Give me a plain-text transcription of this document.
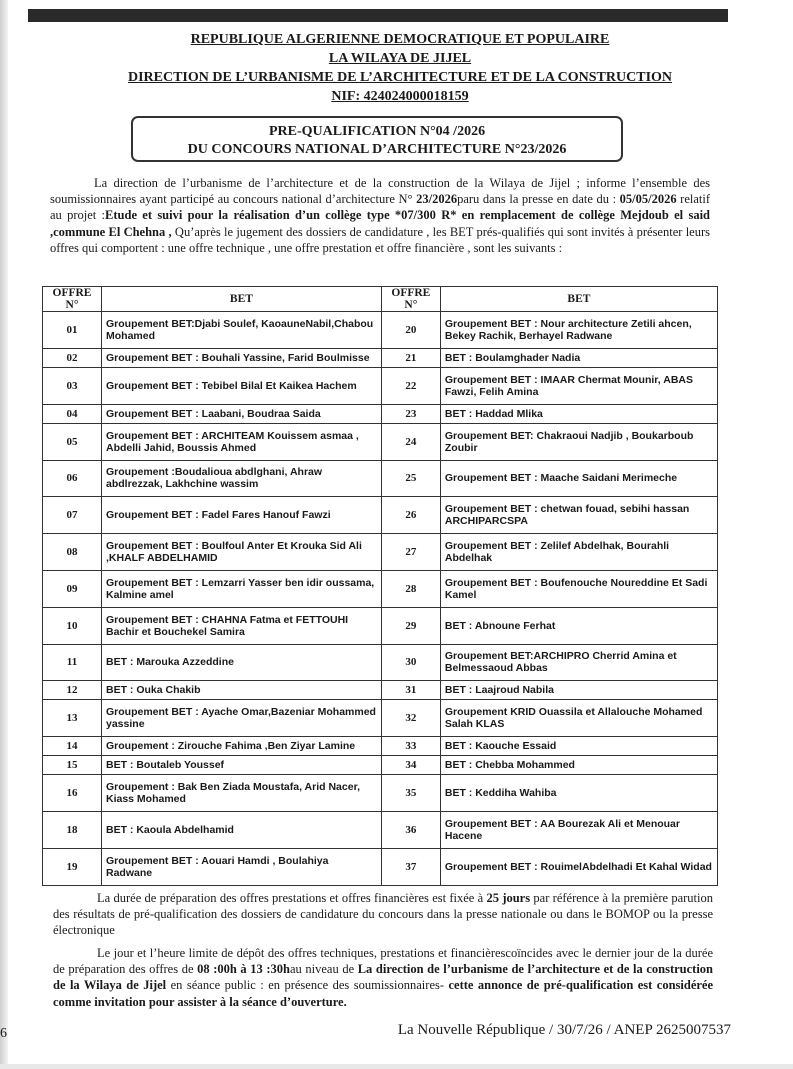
REPUBLIQUE ALGERIENNE DEMOCRATIQUE ET POPULAIRE
LA WILAYA DE JIJEL
DIRECTION DE L’URBANISME DE L’ARCHITECTURE ET DE LA CONSTRUCTION
NIF: 424024000018159
PRE-QUALIFICATION N°04 /2026
DU CONCOURS NATIONAL D’ARCHITECTURE N°23/2026
La direction de l’urbanisme de l’architecture et de la construction de la Wilaya de Jijel ; informe l’ensemble des soumissionnaires ayant participé au concours national d’architecture N° 23/2026paru dans la presse en date du : 05/05/2026 relatif au projet :Etude et suivi pour la réalisation d’un collège type *07/300 R* en remplacement de collège Mejdoub el said ,commune El Chehna , Qu’après le jugement des dossiers de candidature , les BET prés-qualifiés qui sont invités à présenter leurs offres qui comportent : une offre technique , une offre prestation et offre financière , sont les suivants :
OFFRE N°	BET	OFFRE N°	BET
01	Groupement BET:Djabi Soulef, KaoauneNabil,Chabou Mohamed	20	Groupement BET : Nour architecture Zetili ahcen, Bekey Rachik, Berhayel Radwane
02	Groupement BET : Bouhali Yassine, Farid Boulmisse	21	BET : Boulamghader Nadia
03	Groupement BET : Tebibel Bilal Et Kaikea Hachem	22	Groupement BET : IMAAR Chermat Mounir, ABAS Fawzi, Felih Amina
04	Groupement BET : Laabani, Boudraa Saida	23	BET : Haddad Mlika
05	Groupement BET : ARCHITEAM Kouissem asmaa , Abdelli Jahid, Boussis Ahmed	24	Groupement BET: Chakraoui Nadjib , Boukarboub Zoubir
06	Groupement :Boudalioua abdlghani, Ahraw abdlrezzak, Lakhchine wassim	25	Groupement BET : Maache Saidani Merimeche
07	Groupement BET : Fadel Fares Hanouf Fawzi	26	Groupement BET : chetwan fouad, sebihi hassan ARCHIPARCSPA
08	Groupement BET : Boulfoul Anter Et Krouka Sid Ali ,KHALF ABDELHAMID	27	Groupement BET : Zelilef Abdelhak, Bourahli Abdelhak
09	Groupement BET : Lemzarri Yasser ben idir oussama, Kalmine amel	28	Groupement BET : Boufenouche Noureddine Et Sadi Kamel
10	Groupement BET : CHAHNA Fatma et FETTOUHI Bachir et Bouchekel Samira	29	BET : Abnoune Ferhat
11	BET : Marouka Azzeddine	30	Groupement BET:ARCHIPRO Cherrid Amina et Belmessaoud Abbas
12	BET : Ouka Chakib	31	BET : Laajroud Nabila
13	Groupement BET : Ayache Omar,Bazeniar Mohammed yassine	32	Groupement KRID Ouassila et Allalouche Mohamed Salah KLAS
14	Groupement : Zirouche Fahima ,Ben Ziyar Lamine	33	BET : Kaouche Essaid
15	BET : Boutaleb Youssef	34	BET : Chebba Mohammed
16	Groupement : Bak Ben Ziada Moustafa, Arid Nacer, Kiass Mohamed	35	BET : Keddiha Wahiba
18	BET : Kaoula Abdelhamid	36	Groupement BET : AA Bourezak Ali et Menouar Hacene
19	Groupement BET : Aouari Hamdi , Boulahiya Radwane	37	Groupement BET : RouimelAbdelhadi Et Kahal Widad
La durée de préparation des offres prestations et offres financières est fixée à 25 jours par référence à la première parution des résultats de pré-qualification des dossiers de candidature du concours dans la presse nationale ou dans le BOMOP ou la presse électronique
Le jour et l’heure limite de dépôt des offres techniques, prestations et financièrescoïncides avec le dernier jour de la durée de préparation des offres de 08 :00h à 13 :30hau niveau de La direction de l’urbanisme de l’architecture et de la construction de la Wilaya de Jijel en séance public : en présence des soumissionnaires- cette annonce de pré-qualification est considérée comme invitation pour assister à la séance d’ouverture.
6	La Nouvelle République / 30/7/26 / ANEP 2625007537
